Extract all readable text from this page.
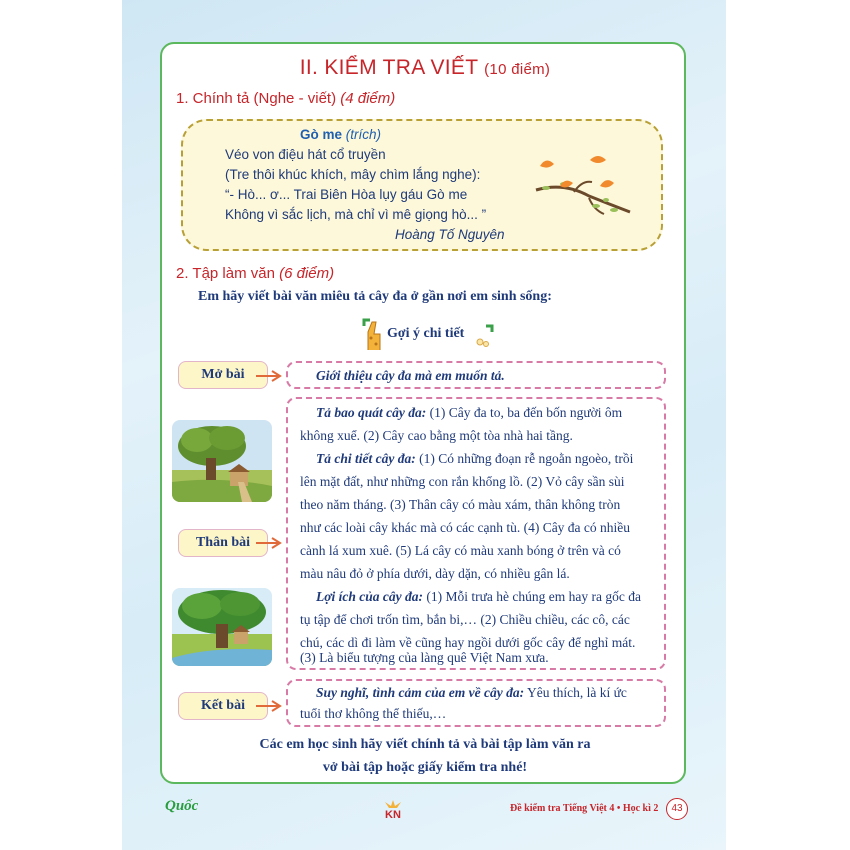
II. KIỂM TRA VIẾT (10 điểm)
1. Chính tả (Nghe - viết) (4 điểm)
Gò me (trích)
Véo von điệu hát cổ truyền
(Tre thôi khúc khích, mây chìm lắng nghe):
“- Hò... ơ... Trai Biên Hòa lụy gáu Gò me
Không vì sắc lịch, mà chỉ vì mê giọng hò... ”
Hoàng Tố Nguyên
2. Tập làm văn (6 điểm)
Em hãy viết bài văn miêu tả cây đa ở gần nơi em sinh sống:
Gợi ý chi tiết
Mở bài	Giới thiệu cây đa mà em muốn tả.
Thân bài
Tả bao quát cây đa: (1) Cây đa to, ba đến bốn người ôm
không xuể. (2) Cây cao bằng một tòa nhà hai tầng.
Tả chi tiết cây đa: (1) Có những đoạn rễ ngoằn ngoèo, trồi
lên mặt đất, như những con rắn khổng lồ. (2) Vỏ cây sần sùi
theo năm tháng. (3) Thân cây có màu xám, thân không tròn
như các loài cây khác mà có các cạnh tù. (4) Cây đa có nhiều
cành lá xum xuê. (5) Lá cây có màu xanh bóng ở trên và có
màu nâu đỏ ở phía dưới, dày dặn, có nhiều gân lá.
Lợi ích của cây đa: (1) Mỗi trưa hè chúng em hay ra gốc đa
tụ tập để chơi trốn tìm, bắn bi,… (2) Chiều chiều, các cô, các
chú, các dì đi làm về cũng hay ngồi dưới gốc cây để nghỉ mát.
(3) Là biểu tượng của làng quê Việt Nam xưa.
Kết bài
Suy nghĩ, tình cảm của em về cây đa: Yêu thích, là kí ức
tuổi thơ không thể thiếu,…
Các em học sinh hãy viết chính tả và bài tập làm văn ra
vở bài tập hoặc giấy kiểm tra nhé!
Quốc
KN
Đề kiểm tra Tiếng Việt 4 • Học kì 2	43
